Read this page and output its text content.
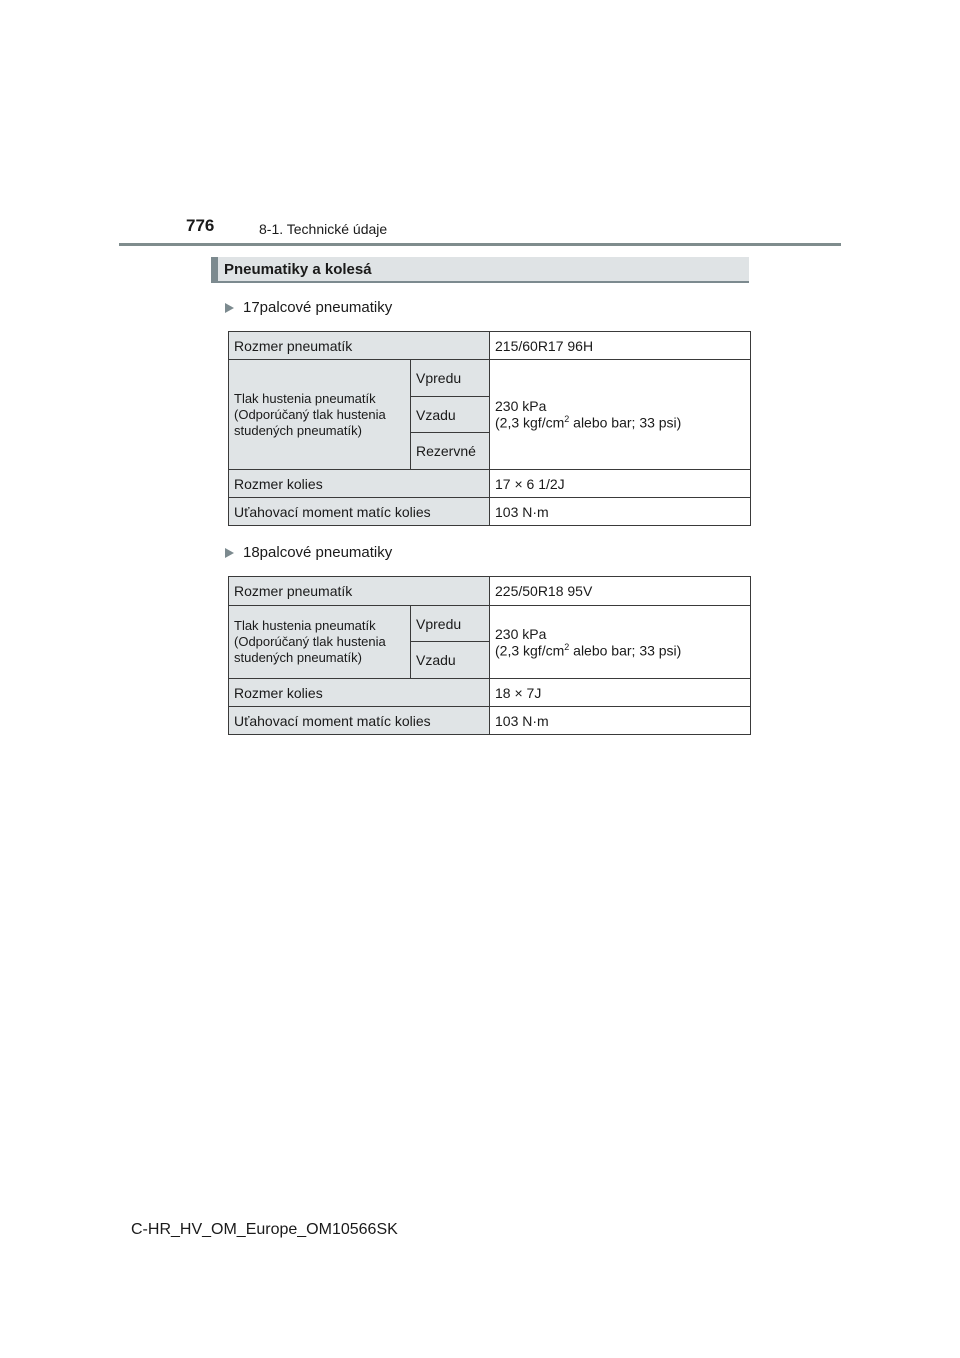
776	8-1. Technické údaje
Pneumatiky a kolesá
17palcové pneumatiky
Rozmer pneumatík		215/60R17 96H
Tlak hustenia pneumatík (Odporúčaný tlak hustenia studených pneumatík)	Vpredu	230 kPa
(2,3 kgf/$cm^2$ alebo bar; 33 psi)
	Vzadu	
	Rezervné	
Rozmer kolies		17 × 6 1/2J
Uťahovací moment matíc kolies		103 N·m
18palcové pneumatiky
Rozmer pneumatík		225/50R18 95V
Tlak hustenia pneumatík (Odporúčaný tlak hustenia studených pneumatík)	Vpredu	230 kPa
(2,3 kgf/$cm^2$ alebo bar; 33 psi)
	Vzadu	
Rozmer kolies		18 × 7J
Uťahovací moment matíc kolies		103 N·m
C-HR_HV_OM_Europe_OM10566SK
